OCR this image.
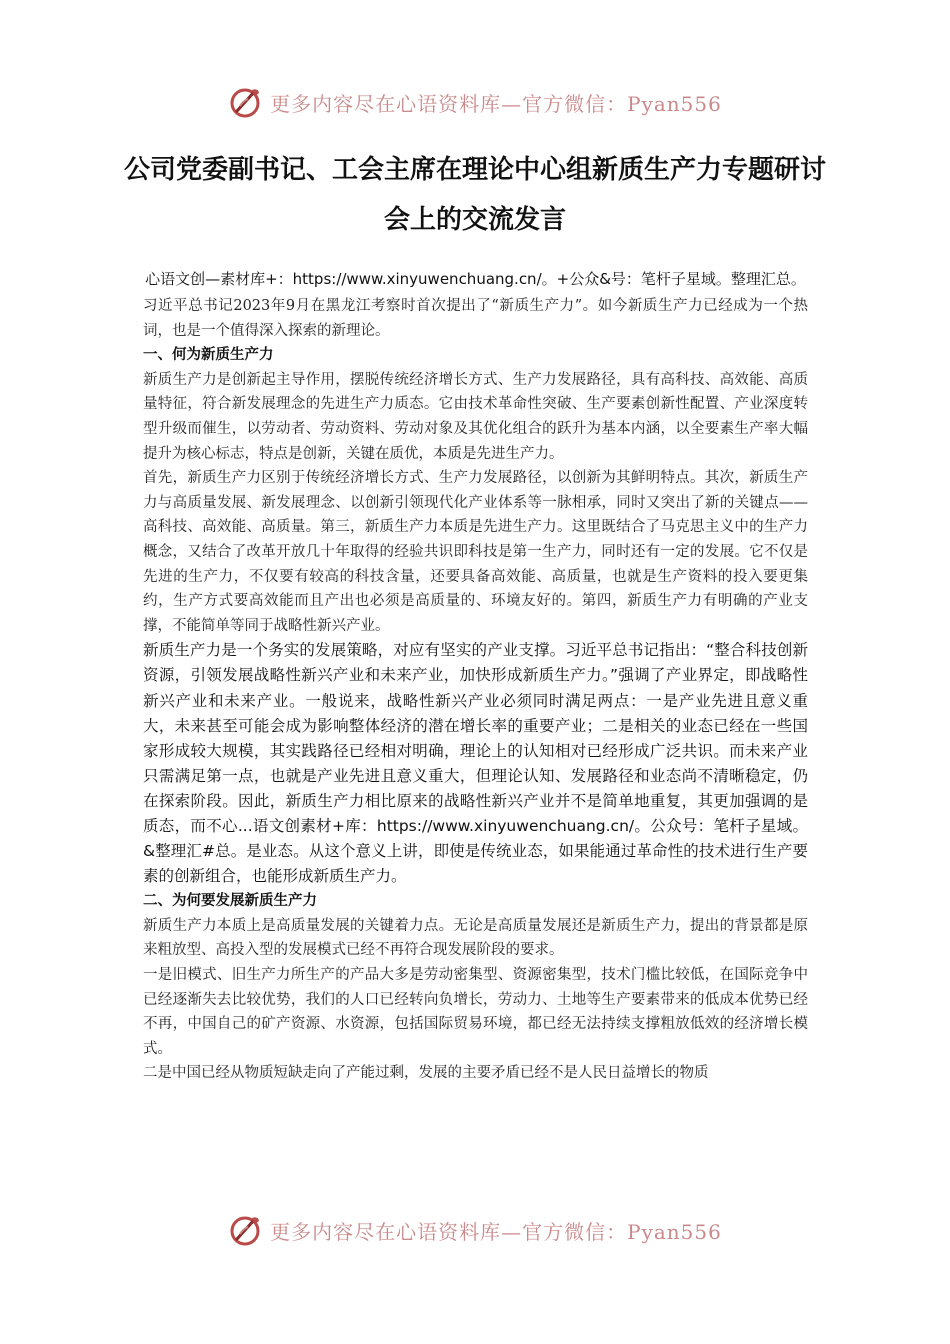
更多内容尽在心语资料库—官方微信：Pyan556
公司党委副书记、工会主席在理论中心组新质生产力专题研讨会上的交流发言

心语文创—素材库+：https://www.xinyuwenchuang.cn/。+公众&号：笔杆子星域。整理汇总。

习近平总书记2023年9月在黑龙江考察时首次提出了“新质生产力”。如今新质生产力已经成为一个热词，也是一个值得深入探索的新理论。

一、何为新质生产力

新质生产力是创新起主导作用，摆脱传统经济增长方式、生产力发展路径，具有高科技、高效能、高质量特征，符合新发展理念的先进生产力质态。它由技术革命性突破、生产要素创新性配置、产业深度转型升级而催生，以劳动者、劳动资料、劳动对象及其优化组合的跃升为基本内涵，以全要素生产率大幅提升为核心标志，特点是创新，关键在质优，本质是先进生产力。

首先，新质生产力区别于传统经济增长方式、生产力发展路径，以创新为其鲜明特点。其次，新质生产力与高质量发展、新发展理念、以创新引领现代化产业体系等一脉相承，同时又突出了新的关键点——高科技、高效能、高质量。第三，新质生产力本质是先进生产力。这里既结合了马克思主义中的生产力概念，又结合了改革开放几十年取得的经验共识即科技是第一生产力，同时还有一定的发展。它不仅是先进的生产力，不仅要有较高的科技含量，还要具备高效能、高质量，也就是生产资料的投入要更集约，生产方式要高效能而且产出也必须是高质量的、环境友好的。第四，新质生产力有明确的产业支撑，不能简单等同于战略性新兴产业。

新质生产力是一个务实的发展策略，对应有坚实的产业支撑。习近平总书记指出：“整合科技创新资源，引领发展战略性新兴产业和未来产业，加快形成新质生产力。”强调了产业界定，即战略性新兴产业和未来产业。一般说来，战略性新兴产业必须同时满足两点：一是产业先进且意义重大，未来甚至可能会成为影响整体经济的潜在增长率的重要产业；二是相关的业态已经在一些国家形成较大规模，其实践路径已经相对明确，理论上的认知相对已经形成广泛共识。而未来产业只需满足第一点，也就是产业先进且意义重大，但理论认知、发展路径和业态尚不清晰稳定，仍在探索阶段。因此，新质生产力相比原来的战略性新兴产业并不是简单地重复，其更加强调的是质态，而不心...语文创素材+库：https://www.xinyuwenchuang.cn/。公众号：笔杆子星域。&整理汇#总。是业态。从这个意义上讲，即使是传统业态，如果能通过革命性的技术进行生产要素的创新组合，也能形成新质生产力。

二、为何要发展新质生产力

新质生产力本质上是高质量发展的关键着力点。无论是高质量发展还是新质生产力，提出的背景都是原来粗放型、高投入型的发展模式已经不再符合现发展阶段的要求。

一是旧模式、旧生产力所生产的产品大多是劳动密集型、资源密集型，技术门槛比较低，在国际竞争中已经逐渐失去比较优势，我们的人口已经转向负增长，劳动力、土地等生产要素带来的低成本优势已经不再，中国自己的矿产资源、水资源，包括国际贸易环境，都已经无法持续支撑粗放低效的经济增长模式。

二是中国已经从物质短缺走向了产能过剩，发展的主要矛盾已经不是人民日益增长的物质

更多内容尽在心语资料库—官方微信：Pyan556
